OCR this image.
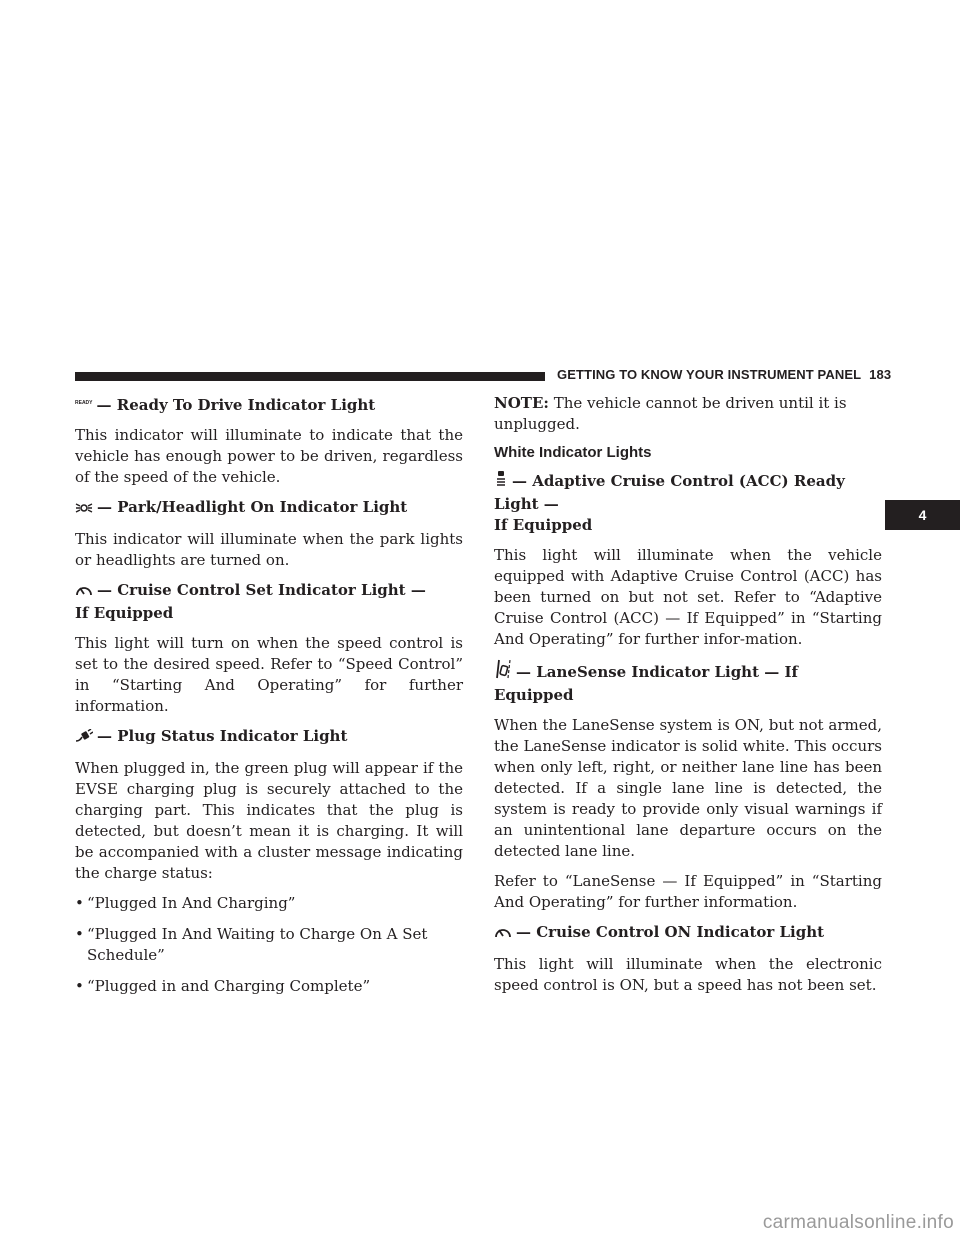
GETTING TO KNOW YOUR INSTRUMENT PANEL 183
READY — Ready To Drive Indicator Light

This indicator will illuminate to indicate that the vehicle has enough power to be driven, regardless of the speed of the vehicle.

— Park/Headlight On Indicator Light

This indicator will illuminate when the park lights or headlights are turned on.

— Cruise Control Set Indicator Light —
If Equipped

This light will turn on when the speed control is set to the desired speed. Refer to “Speed Control” in “Starting And Operating” for further information.

— Plug Status Indicator Light

When plugged in, the green plug will appear if the EVSE charging plug is securely attached to the charging part. This indicates that the plug is detected, but doesn’t mean it is charging. It will be accompanied with a cluster message indicating the charge status:

• “Plugged In And Charging”
• “Plugged In And Waiting to Charge On A Set Schedule”
• “Plugged in and Charging Complete”

NOTE: The vehicle cannot be driven until it is unplugged.

White Indicator Lights
— Adaptive Cruise Control (ACC) Ready Light —
If Equipped

This light will illuminate when the vehicle equipped with Adaptive Cruise Control (ACC) has been turned on but not set. Refer to “Adaptive Cruise Control (ACC) — If Equipped” in “Starting And Operating” for further infor-mation.

— LaneSense Indicator Light — If Equipped

When the LaneSense system is ON, but not armed, the LaneSense indicator is solid white. This occurs when only left, right, or neither lane line has been detected. If a single lane line is detected, the system is ready to provide only visual warnings if an unintentional lane departure occurs on the detected lane line.

Refer to “LaneSense — If Equipped” in “Starting And Operating” for further information.

— Cruise Control ON Indicator Light

This light will illuminate when the electronic speed control is ON, but a speed has not been set.

4
carmanualsonline.info
